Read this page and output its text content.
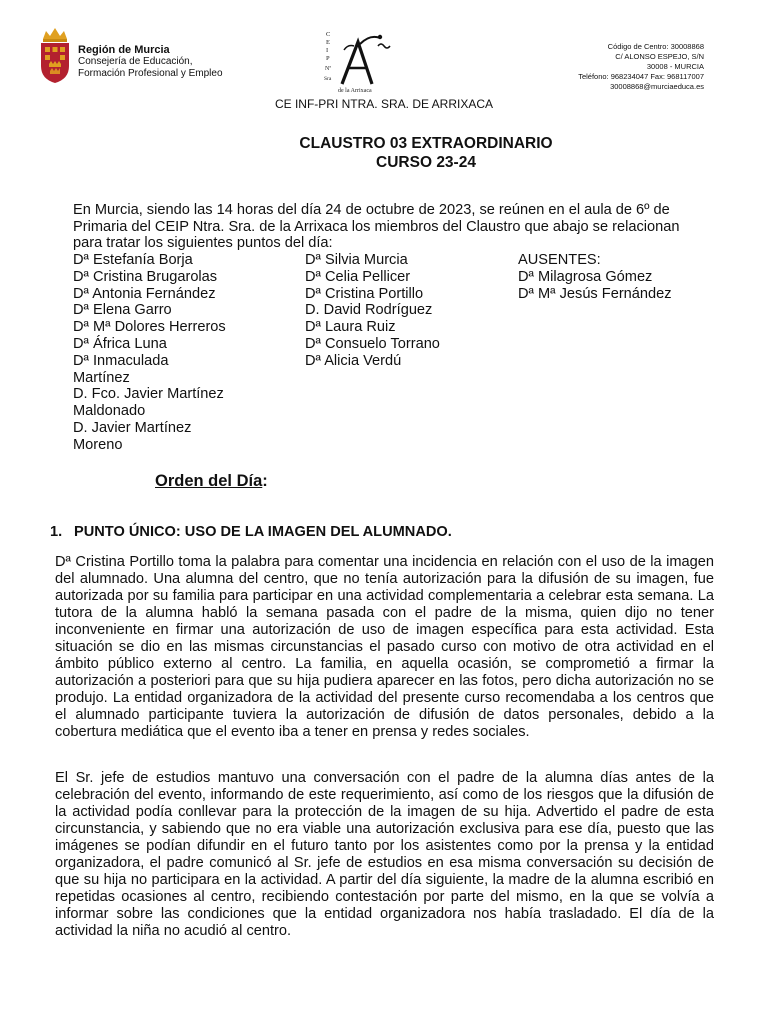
Región de Murcia
Consejería de Educación,
Formación Profesional y Empleo
C
E
I
P
Nª
Sra
de la Arrixaca
Código de Centro: 30008868
C/ ALONSO ESPEJO, S/N
30008 - MURCIA
Teléfono: 968234047 Fax: 968117007
30008868@murciaeduca.es
CE INF-PRI NTRA. SRA. DE ARRIXACA
CLAUSTRO 03 EXTRAORDINARIO
CURSO 23-24
En Murcia, siendo las 14 horas del día 24 de octubre de 2023, se reúnen en el aula de 6º de Primaria del CEIP Ntra. Sra. de la Arrixaca los miembros del Claustro que abajo se relacionan para tratar los siguientes puntos del día:
Dª Estefanía Borja
Dª Cristina Brugarolas
Dª Antonia Fernández
Dª Elena Garro
Dª Mª Dolores Herreros
Dª África Luna
Dª Inmaculada Martínez
D. Fco. Javier Martínez Maldonado
D. Javier Martínez Moreno
Dª Silvia Murcia
Dª Celia Pellicer
Dª Cristina Portillo
D. David Rodríguez
Dª Laura Ruiz
Dª Consuelo Torrano
Dª Alicia Verdú
AUSENTES:
Dª Milagrosa Gómez
Dª Mª Jesús Fernández
Orden del Día:
1. PUNTO ÚNICO: USO DE LA IMAGEN DEL ALUMNADO.
Dª Cristina Portillo toma la palabra para comentar una incidencia en relación con el uso de la imagen del alumnado. Una alumna del centro, que no tenía autorización para la difusión de su imagen, fue autorizada por su familia para participar en una actividad complementaria a celebrar esta semana. La tutora de la alumna habló la semana pasada con el padre de la misma, quien dijo no tener inconveniente en firmar una autorización de uso de imagen específica para esta actividad. Esta situación se dio en las mismas circunstancias el pasado curso con motivo de otra actividad en el ámbito público externo al centro. La familia, en aquella ocasión, se comprometió a firmar la autorización a posteriori para que su hija pudiera aparecer en las fotos, pero dicha autorización no se produjo. La entidad organizadora de la actividad del presente curso recomendaba a los centros que el alumnado participante tuviera la autorización de difusión de datos personales, debido a la cobertura mediática que el evento iba a tener en prensa y redes sociales.
El Sr. jefe de estudios mantuvo una conversación con el padre de la alumna días antes de la celebración del evento, informando de este requerimiento, así como de los riesgos que la difusión de la actividad podía conllevar para la protección de la imagen de su hija. Advertido el padre de esta circunstancia, y sabiendo que no era viable una autorización exclusiva para ese día, puesto que las imágenes se podían difundir en el futuro tanto por los asistentes como por la prensa y la entidad organizadora, el padre comunicó al Sr. jefe de estudios en esa misma conversación su decisión de que su hija no participara en la actividad. A partir del día siguiente, la madre de la alumna escribió en repetidas ocasiones al centro, recibiendo contestación por parte del mismo, en la que se volvía a informar sobre las condiciones que la entidad organizadora nos había trasladado. El día de la actividad la niña no acudió al centro.
